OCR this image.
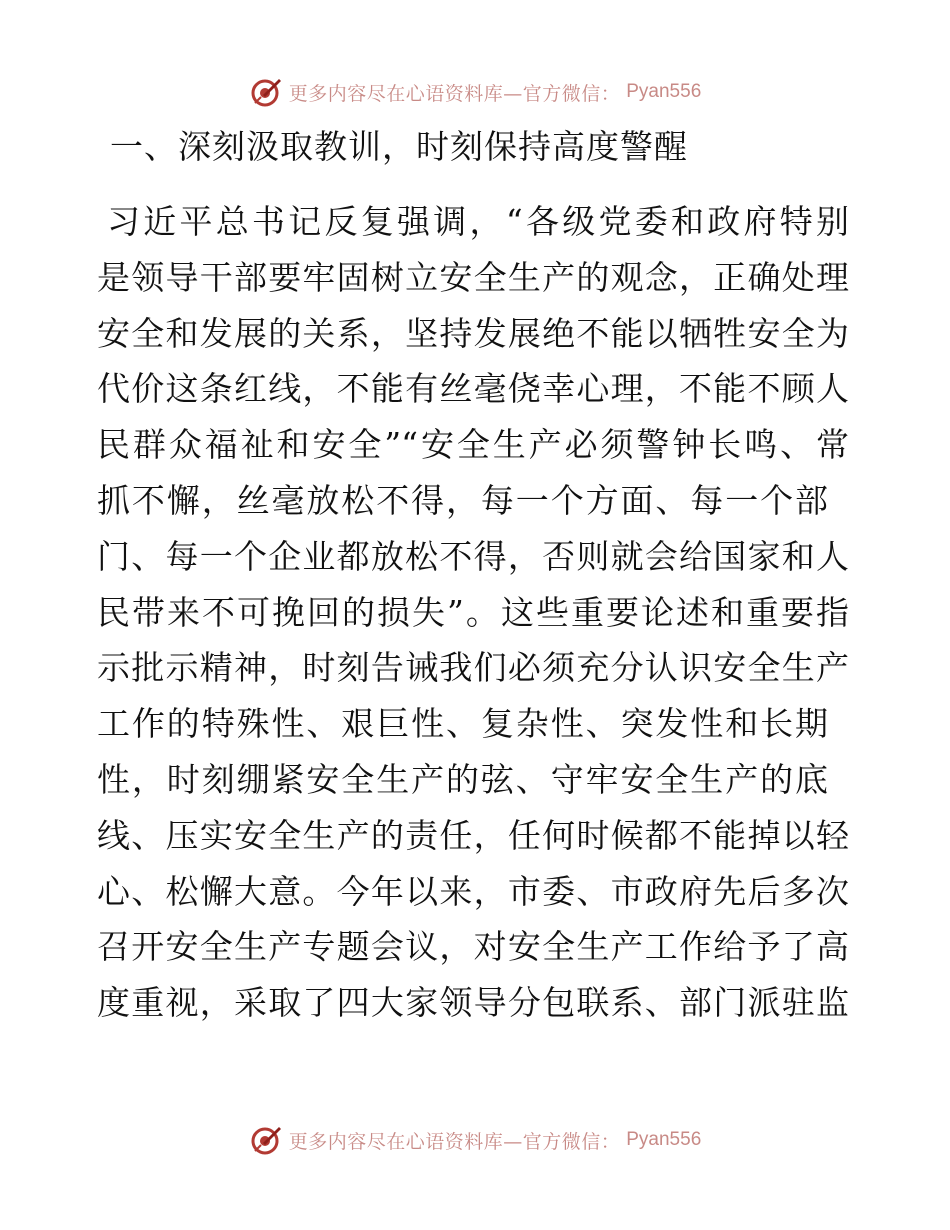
更多内容尽在心语资料库—官方微信： Pyan556
一、深刻汲取教训，时刻保持高度警醒
习近平总书记反复强调，“各级党委和政府特别
是领导干部要牢固树立安全生产的观念，正确处理
安全和发展的关系，坚持发展绝不能以牺牲安全为
代价这条红线，不能有丝毫侥幸心理，不能不顾人
民群众福祉和安全”“安全生产必须警钟长鸣、常
抓不懈，丝毫放松不得，每一个方面、每一个部
门、每一个企业都放松不得，否则就会给国家和人
民带来不可挽回的损失”。这些重要论述和重要指
示批示精神，时刻告诫我们必须充分认识安全生产
工作的特殊性、艰巨性、复杂性、突发性和长期
性，时刻绷紧安全生产的弦、守牢安全生产的底
线、压实安全生产的责任，任何时候都不能掉以轻
心、松懈大意。今年以来，市委、市政府先后多次
召开安全生产专题会议，对安全生产工作给予了高
度重视，采取了四大家领导分包联系、部门派驻监
更多内容尽在心语资料库—官方微信： Pyan556
